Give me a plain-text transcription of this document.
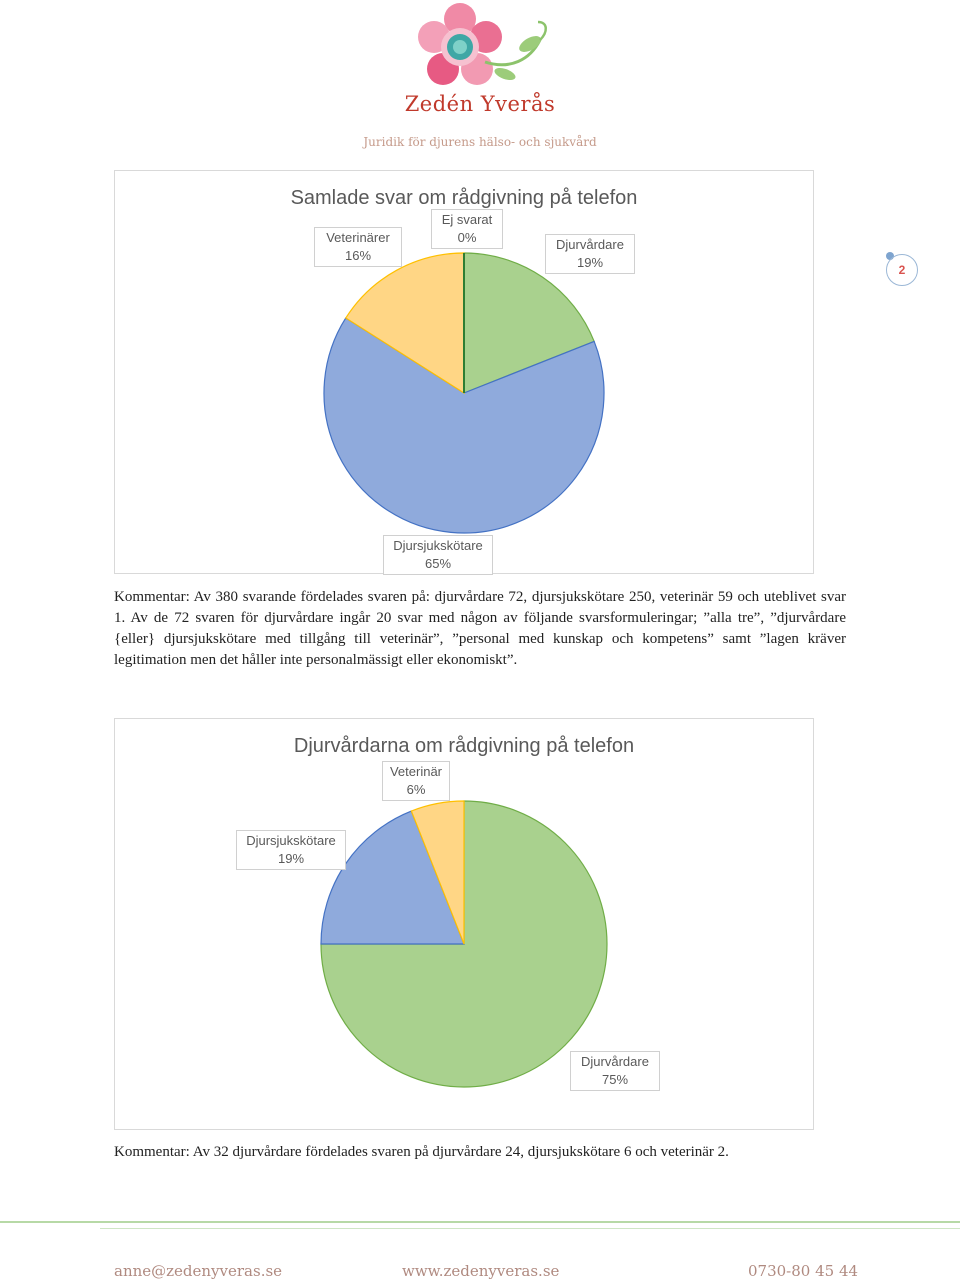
Zedén Yverås
Juridik för djurens hälso- och sjukvård
2
Samlade svar om rådgivning på telefon
Ej svarat
0%
Veterinärer
16%
Djurvårdare
19%
Djursjukskötare
65%
Kommentar: Av 380 svarande fördelades svaren på: djurvårdare 72, djursjukskötare 250, veterinär 59 och uteblivet svar 1. Av de 72 svaren för djurvårdare ingår 20 svar med någon av följande svarsformuleringar; ”alla tre”, ”djurvårdare {eller} djursjukskötare med tillgång till veterinär”, ”personal med kunskap och kompetens” samt ”lagen kräver legitimation men det håller inte personalmässigt eller ekonomiskt”.
Djurvårdarna om rådgivning på telefon
Veterinär
6%
Djursjukskötare
19%
Djurvårdare
75%
Kommentar: Av 32 djurvårdare fördelades svaren på djurvårdare 24, djursjukskötare 6 och veterinär 2.
anne@zedenyveras.se	www.zedenyveras.se	0730-80 45 44
